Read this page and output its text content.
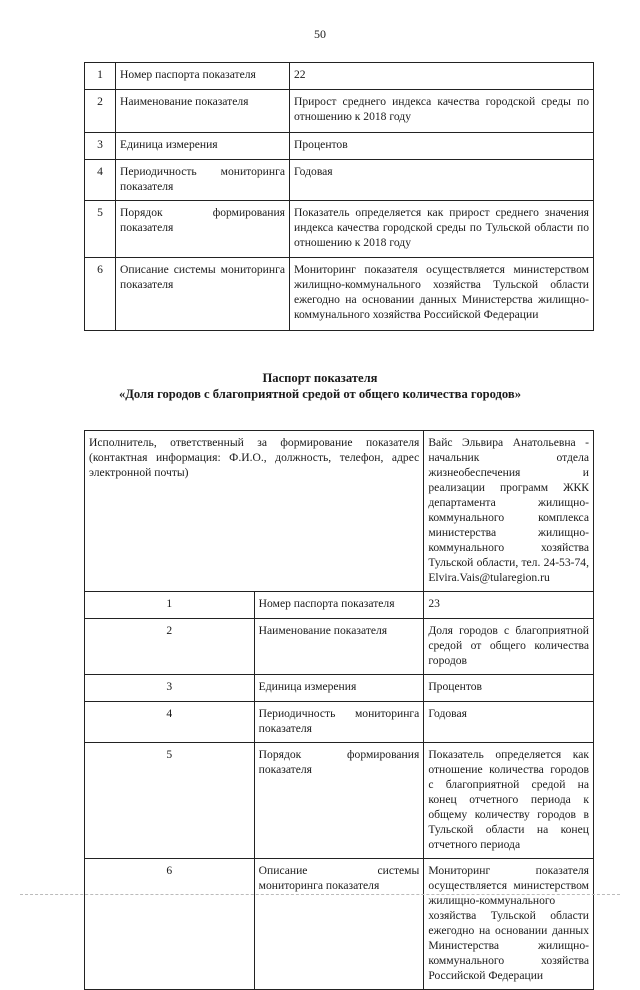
50
1	Номер паспорта показателя	22
2	Наименование показателя	Прирост среднего индекса качества городской среды по отношению к 2018 году
3	Единица измерения	Процентов
4	Периодичность мониторинга показателя	Годовая
5	Порядок формирования показателя	Показатель определяется как прирост среднего значения индекса качества городской среды по Тульской области по отношению к 2018 году
6	Описание системы мониторинга показателя	Мониторинг показателя осуществляется министерством жилищно-коммунального хозяйства Тульской области ежегодно на основании данных Министерства жилищно-коммунального хозяйства Российской Федерации
Паспорт показателя
«Доля городов с благоприятной средой от общего количества городов»
Исполнитель, ответственный за формирование показателя (контактная информация: Ф.И.О., должность, телефон, адрес электронной почты)		Вайс Эльвира Анатольевна - начальник отдела жизнеобеспечения и реализации программ ЖКК департамента жилищно-коммунального комплекса министерства жилищно-коммунального хозяйства Тульской области, тел. 24-53-74, Elvira.Vais@tularegion.ru
1	Номер паспорта показателя	23
2	Наименование показателя	Доля городов с благоприятной средой от общего количества городов
3	Единица измерения	Процентов
4	Периодичность мониторинга показателя	Годовая
5	Порядок формирования показателя	Показатель определяется как отношение количества городов с благоприятной средой на конец отчетного периода к общему количеству городов в Тульской области на конец отчетного периода
6	Описание системы мониторинга показателя	Мониторинг показателя осуществляется министерством жилищно-коммунального хозяйства Тульской области ежегодно на основании данных Министерства жилищно-коммунального хозяйства Российской Федерации
